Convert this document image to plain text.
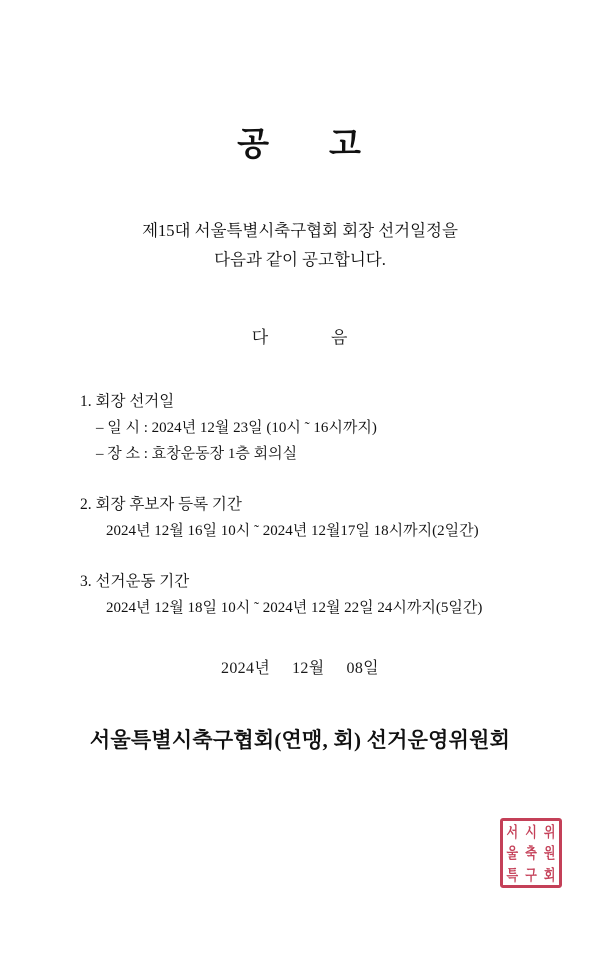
공 고
제15대 서울특별시축구협회 회장 선거일정을
다음과 같이 공고합니다.
다	음
1. 회장 선거일
– 일 시 : 2024년 12월 23일 (10시 ˜ 16시까지)
– 장 소 : 효창운동장 1층 회의실
2. 회장 후보자 등록 기간
2024년 12월 16일 10시 ˜ 2024년 12월17일 18시까지(2일간)
3. 선거운동 기간
2024년 12월 18일 10시 ˜ 2024년 12월 22일 24시까지(5일간)
2024년 12월 08일
서울특별시축구협회(연맹, 회) 선거운영위원회
서 시 위
울 축 원
특 구 회
